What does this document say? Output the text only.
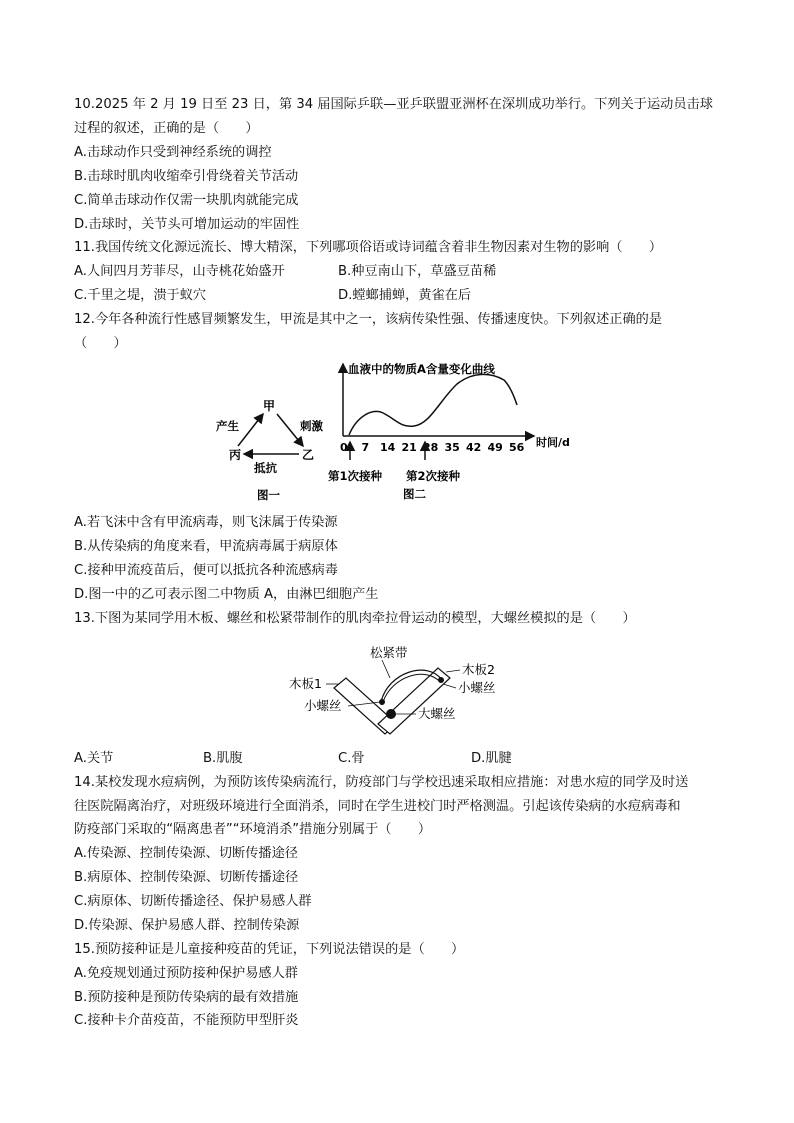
10.2025 年 2 月 19 日至 23 日，第 34 届国际乒联—亚乒联盟亚洲杯在深圳成功举行。下列关于运动员击球
过程的叙述，正确的是（　　）
A.击球动作只受到神经系统的调控
B.击球时肌肉收缩牵引骨绕着关节活动
C.简单击球动作仅需一块肌肉就能完成
D.击球时，关节头可增加运动的牢固性
11.我国传统文化源远流长、博大精深，下列哪项俗语或诗词蕴含着非生物因素对生物的影响（　　）
A.人间四月芳菲尽，山寺桃花始盛开	B.种豆南山下，草盛豆苗稀
C.千里之堤，溃于蚁穴	D.螳螂捕蝉，黄雀在后
12.今年各种流行性感冒频繁发生，甲流是其中之一，该病传染性强、传播速度快。下列叙述正确的是
（　　）
甲
丙	乙
产生	刺激
抵抗
图一
血液中的物质A含量变化曲线
时间/d
0 7 14 21 28 35 42 49 56
第1次接种 第2次接种
图二
A.若飞沫中含有甲流病毒，则飞沫属于传染源
B.从传染病的角度来看，甲流病毒属于病原体
C.接种甲流疫苗后，便可以抵抗各种流感病毒
D.图一中的乙可表示图二中物质 A，由淋巴细胞产生
13.下图为某同学用木板、螺丝和松紧带制作的肌肉牵拉骨运动的模型，大螺丝模拟的是（　　）
松紧带
木板1
木板2
小螺丝
小螺丝
大螺丝
A.关节	B.肌腹	C.骨	D.肌腱
14.某校发现水痘病例，为预防该传染病流行，防疫部门与学校迅速采取相应措施：对患水痘的同学及时送
往医院隔离治疗，对班级环境进行全面消杀，同时在学生进校门时严格测温。引起该传染病的水痘病毒和
防疫部门采取的“隔离患者”“环境消杀”措施分别属于（　　）
A.传染源、控制传染源、切断传播途径
B.病原体、控制传染源、切断传播途径
C.病原体、切断传播途径、保护易感人群
D.传染源、保护易感人群、控制传染源
15.预防接种证是儿童接种疫苗的凭证，下列说法错误的是（　　）
A.免疫规划通过预防接种保护易感人群
B.预防接种是预防传染病的最有效措施
C.接种卡介苗疫苗，不能预防甲型肝炎
